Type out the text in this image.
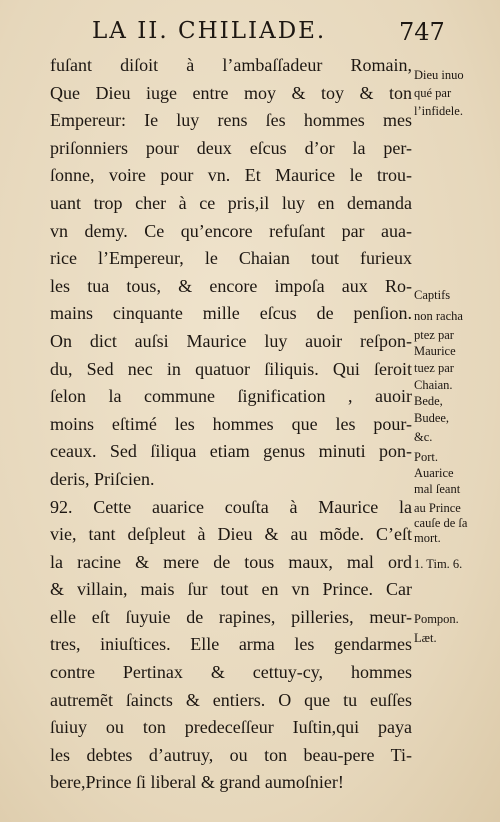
LA II. CHILIADE.	747
fuſant diſoit à l’ambaſſadeur Romain,
Que Dieu iuge entre moy & toy & ton
Empereur: Ie luy rens ſes hommes mes
priſonniers pour deux eſcus d’or la per-
ſonne, voire pour vn. Et Maurice le trou-
uant trop cher à ce pris,il luy en demanda
vn demy. Ce qu’encore refuſant par aua-
rice l’Empereur, le Chaian tout furieux
les tua tous, & encore impoſa aux Ro-
mains cinquante mille eſcus de penſion.
On dict auſsi Maurice luy auoir reſpon-
du, Sed nec in quatuor ſiliquis. Qui ſeroit
ſelon la commune ſignification , auoir
moins eſtimé les hommes que les pour-
ceaux. Sed ſiliqua etiam genus minuti pon-
deris, Priſcien.
92. Cette auarice couſta à Maurice la
vie, tant deſpleut à Dieu & au mõde. C’eſt
la racine & mere de tous maux, mal ord
& villain, mais ſur tout en vn Prince. Car
elle eſt ſuyuie de rapines, pilleries, meur-
tres, iniuſtices. Elle arma les gendarmes
contre Pertinax & cettuy-cy, hommes
autremẽt ſaincts & entiers. O que tu euſſes
ſuiuy ou ton predeceſſeur Iuſtin,qui paya
les debtes d’autruy, ou ton beau-pere Ti-
bere,Prince ſi liberal & grand aumoſnier!
Dieu inuo
qué par
l’infidele.
Captifs
non racha
ptez par
Maurice
tuez par
Chaian.
Bede,
Budee,
&c.
Port.
Auarice
mal ſeant
au Prince
cauſe de ſa
mort.
1. Tim. 6.
Pompon.
Læt.
